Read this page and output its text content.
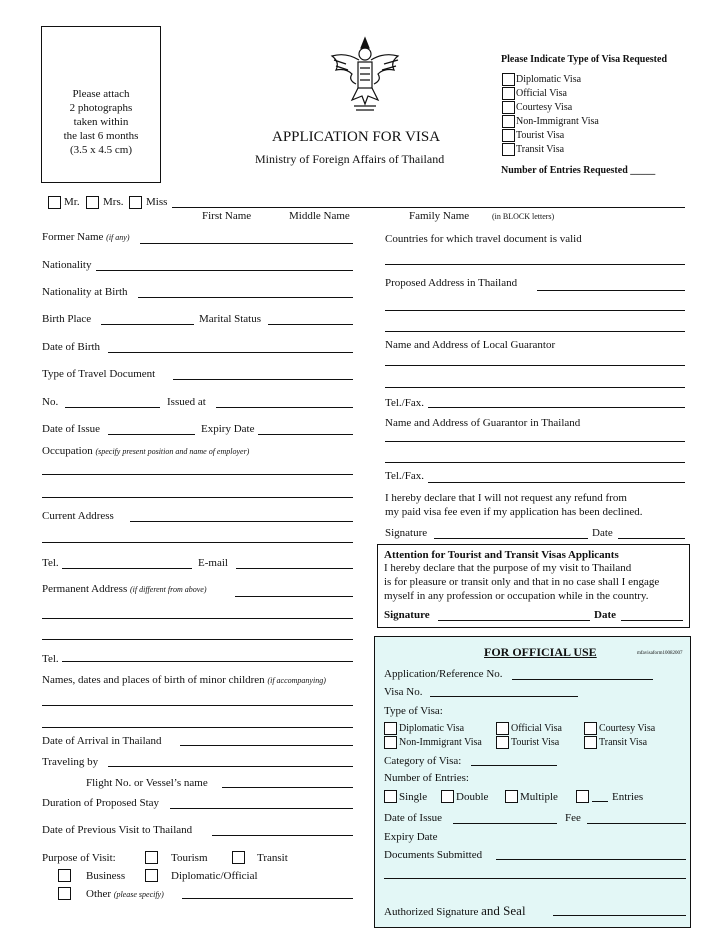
Please attach
2 photographs
taken within
the last 6 months
(3.5 x 4.5 cm)
APPLICATION FOR VISA
Ministry of Foreign Affairs of Thailand
Please Indicate Type of Visa Requested
Diplomatic Visa
Official Visa
Courtesy Visa
Non-Immigrant Visa
Tourist Visa
Transit Visa
Number of Entries Requested _____
Mr. Mrs. Miss
First Name	Middle Name	Family Name	(in BLOCK letters)
Former Name (if any)
Nationality
Nationality at Birth
Birth Place	Marital Status
Date of Birth
Type of Travel Document
No.	Issued at
Date of Issue	Expiry Date
Occupation (specify present position and name of employer)
Current Address
Tel.	E-mail
Permanent Address (if different from above)
Tel.
Names, dates and places of birth of minor children (if accompanying)
Date of Arrival in Thailand
Traveling by
Flight No. or Vessel’s name
Duration of Proposed Stay
Date of Previous Visit to Thailand
Purpose of Visit:	Tourism	Transit
Business	Diplomatic/Official
Other (please specify)
Countries for which travel document is valid
Proposed Address in Thailand
Name and Address of Local Guarantor
Tel./Fax.
Name and Address of Guarantor in Thailand
Tel./Fax.
I hereby declare that I will not request any refund from
my paid visa fee even if my application has been declined.
Signature	Date
Attention for Tourist and Transit Visas Applicants
I hereby declare that the purpose of my visit to Thailand
is for pleasure or transit only and that in no case shall I engage
myself in any profession or occupation while in the country.
Signature	Date
FOR OFFICIAL USE	mfavisaform10082007
Application/Reference No.
Visa No.
Type of Visa:
Diplomatic Visa	Official Visa	Courtesy Visa
Non-Immigrant Visa	Tourist Visa	Transit Visa
Category of Visa:
Number of Entries:
Single	Double	Multiple	Entries
Date of Issue	Fee
Expiry Date
Documents Submitted
Authorized Signature and Seal
